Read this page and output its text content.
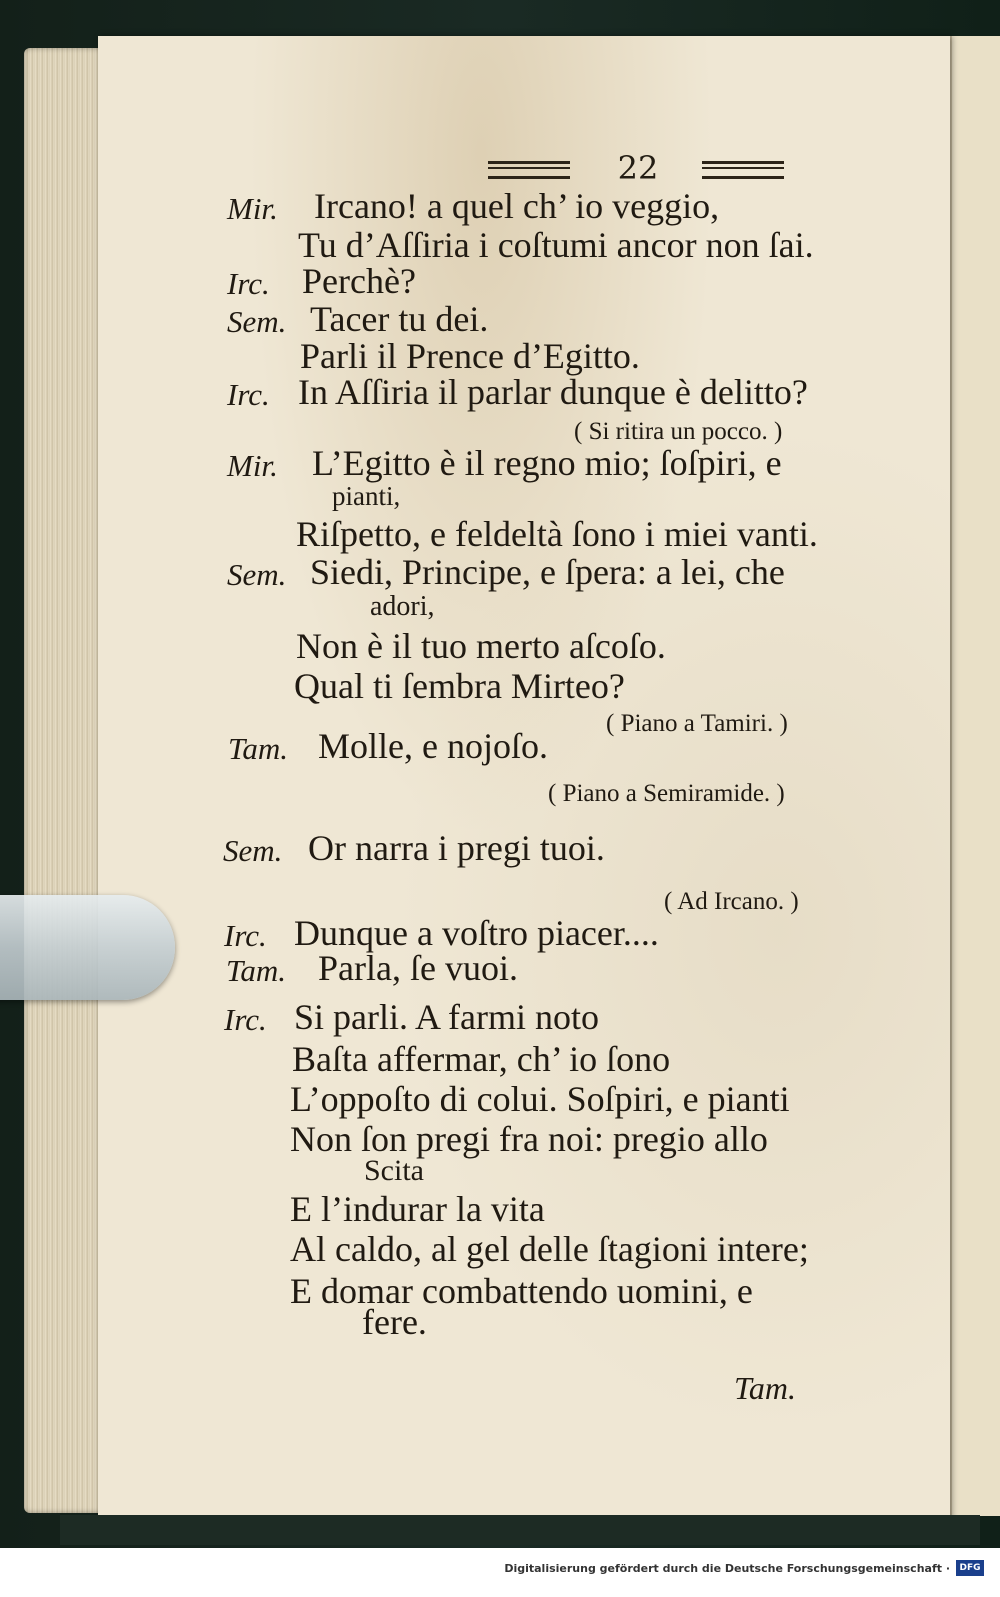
22
Mir. Ircano! a quel ch’ io veggio,
Tu d’Aſſiria i coſtumi ancor non ſai.
Irc. Perchè?
Sem. Tacer tu dei.
Parli il Prence d’Egitto.
Irc. In Aſſiria il parlar dunque è delitto?
( Si ritira un pocco. )
Mir. L’Egitto è il regno mio; ſoſpiri, e
pianti,
Riſpetto, e feldeltà ſono i miei vanti.
Sem. Siedi, Principe, e ſpera: a lei, che
adori,
Non è il tuo merto aſcoſo.
Qual ti ſembra Mirteo?
( Piano a Tamiri. )
Tam. Molle, e nojoſo.
( Piano a Semiramide. )
Sem. Or narra i pregi tuoi.
( Ad Ircano. )
Irc. Dunque a voſtro piacer....
Tam. Parla, ſe vuoi.
Irc. Si parli. A farmi noto
Baſta affermar, ch’ io ſono
L’oppoſto di colui. Soſpiri, e pianti
Non ſon pregi fra noi: pregio allo
Scita
E l’indurar la vita
Al caldo, al gel delle ſtagioni intere;
E domar combattendo uomini, e
fere.
Tam.
Digitalisierung gefördert durch die Deutsche Forschungsgemeinschaft ·	DFG
